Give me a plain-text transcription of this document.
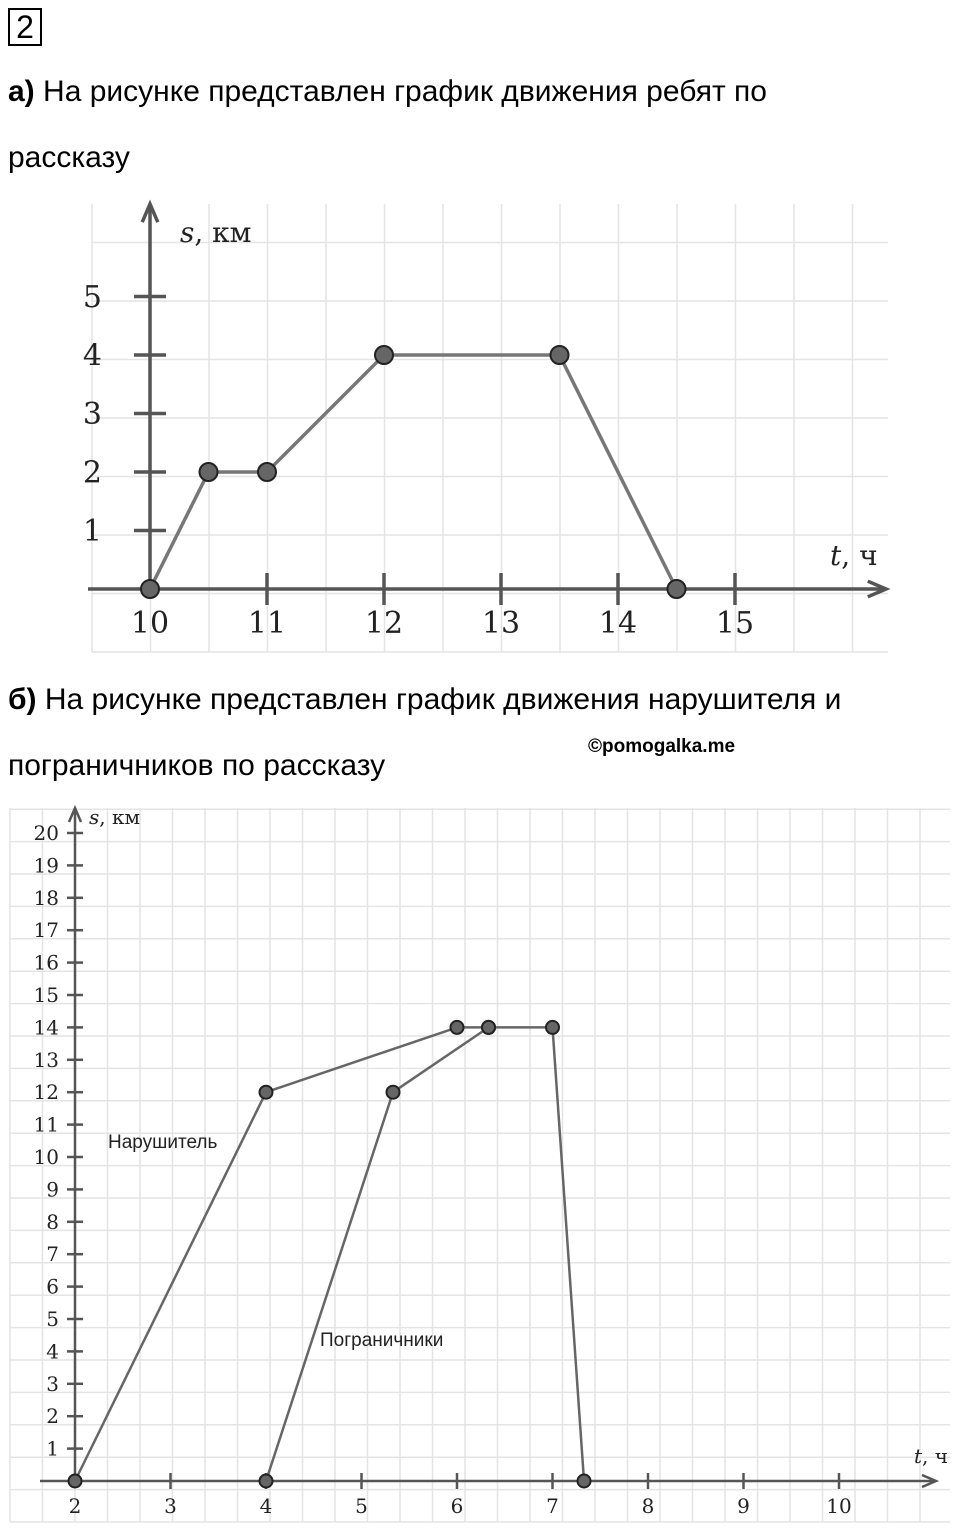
2
а) На рисунке представлен график движения ребят по
рассказу
10	11	12	13	14	15
1
2
3
4
5
s, км
t, ч
б) На рисунке представлен график движения нарушителя и
©pomogalka.me
пограничников по рассказу
2	3	4	5	6	7	8	9	10
1
2
3
4
5
6
7
8
9
10
11
12
13
14
15
16
17
18
19
20
s, км
t, ч
Нарушитель
Пограничники
